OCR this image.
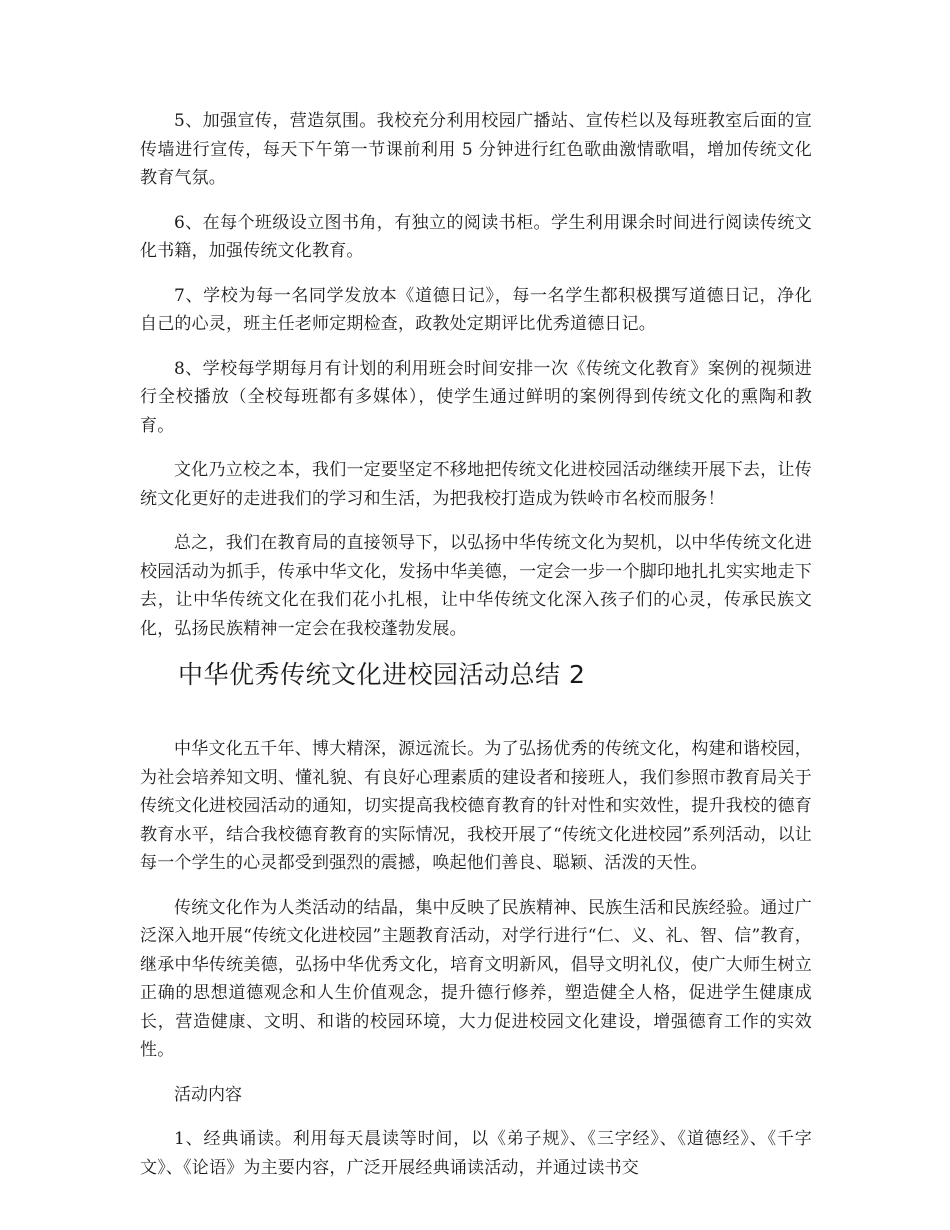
5、加强宣传，营造氛围。我校充分利用校园广播站、宣传栏以及每班教室后面的宣传墙进行宣传，每天下午第一节课前利用 5 分钟进行红色歌曲激情歌唱，增加传统文化教育气氛。

6、在每个班级设立图书角，有独立的阅读书柜。学生利用课余时间进行阅读传统文化书籍，加强传统文化教育。

7、学校为每一名同学发放本《道德日记》，每一名学生都积极撰写道德日记，净化自己的心灵，班主任老师定期检查，政教处定期评比优秀道德日记。

8、学校每学期每月有计划的利用班会时间安排一次《传统文化教育》案例的视频进行全校播放（全校每班都有多媒体），使学生通过鲜明的案例得到传统文化的熏陶和教育。

文化乃立校之本，我们一定要坚定不移地把传统文化进校园活动继续开展下去，让传统文化更好的走进我们的学习和生活，为把我校打造成为铁岭市名校而服务！

总之，我们在教育局的直接领导下，以弘扬中华传统文化为契机，以中华传统文化进校园活动为抓手，传承中华文化，发扬中华美德，一定会一步一个脚印地扎扎实实地走下去，让中华传统文化在我们花小扎根，让中华传统文化深入孩子们的心灵，传承民族文化，弘扬民族精神一定会在我校蓬勃发展。

中华优秀传统文化进校园活动总结 2

中华文化五千年、博大精深，源远流长。为了弘扬优秀的传统文化，构建和谐校园，为社会培养知文明、懂礼貌、有良好心理素质的建设者和接班人，我们参照市教育局关于传统文化进校园活动的通知，切实提高我校德育教育的针对性和实效性，提升我校的德育教育水平，结合我校德育教育的实际情况，我校开展了“传统文化进校园”系列活动，以让每一个学生的心灵都受到强烈的震撼，唤起他们善良、聪颖、活泼的天性。

传统文化作为人类活动的结晶，集中反映了民族精神、民族生活和民族经验。通过广泛深入地开展“传统文化进校园”主题教育活动，对学行进行“仁、义、礼、智、信”教育，继承中华传统美德，弘扬中华优秀文化，培育文明新风，倡导文明礼仪，使广大师生树立正确的思想道德观念和人生价值观念，提升德行修养，塑造健全人格，促进学生健康成长，营造健康、文明、和谐的校园环境，大力促进校园文化建设，增强德育工作的实效性。

活动内容

1、经典诵读。利用每天晨读等时间，以《弟子规》、《三字经》、《道德经》、《千字文》、《论语》为主要内容，广泛开展经典诵读活动，并通过读书交
